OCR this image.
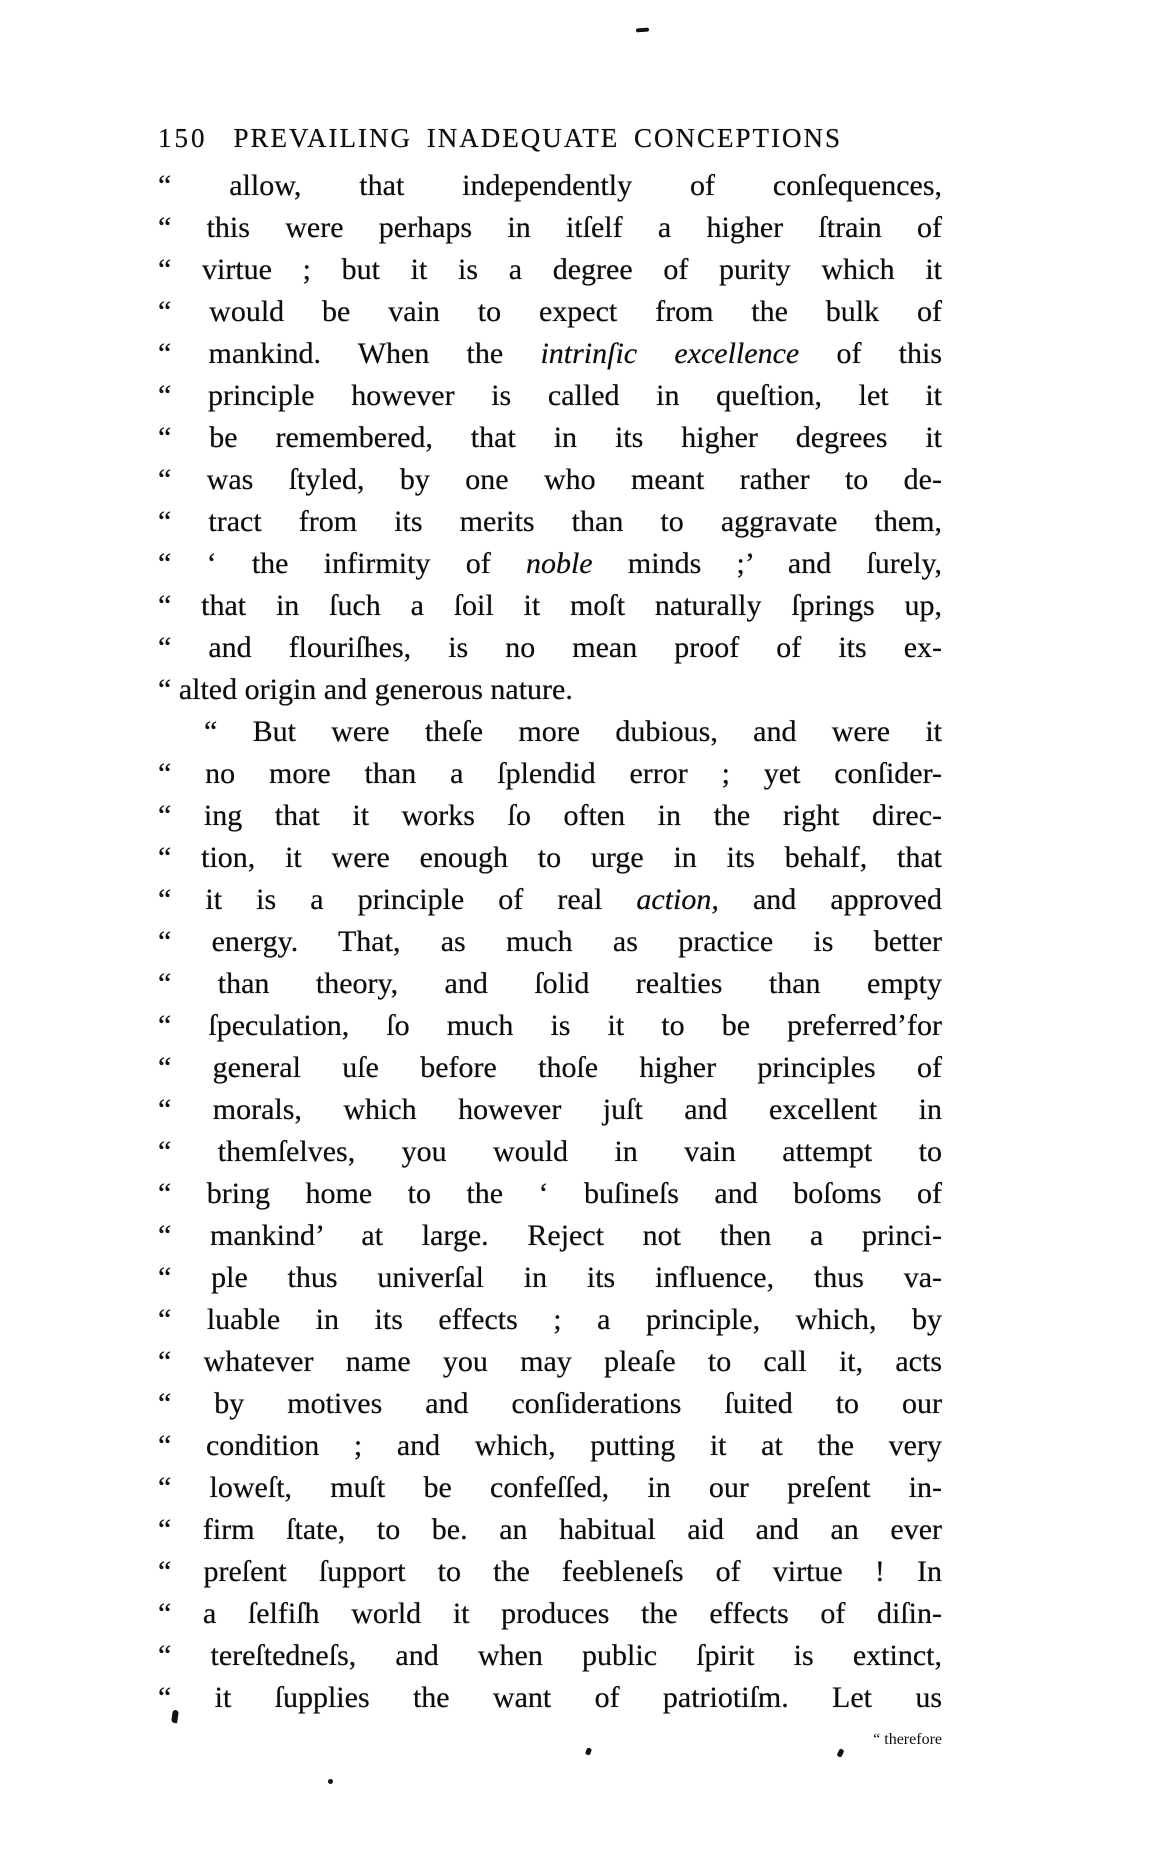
150 PREVAILING INADEQUATE CONCEPTIONS
“ allow, that independently of conſequences,
“ this were perhaps in itſelf a higher ſtrain of
“ virtue ; but it is a degree of purity which it
“ would be vain to expect from the bulk of
“ mankind. When the intrinſic excellence of this
“ principle however is called in queſtion, let it
“ be remembered, that in its higher degrees it
“ was ſtyled, by one who meant rather to de-
“ tract from its merits than to aggravate them,
“ ‘ the infirmity of noble minds ;’ and ſurely,
“ that in ſuch a ſoil it moſt naturally ſprings up,
“ and flouriſhes, is no mean proof of its ex-
“ alted origin and generous nature.
“ But were theſe more dubious, and were it
“ no more than a ſplendid error ; yet conſider-
“ ing that it works ſo often in the right direc-
“ tion, it were enough to urge in its behalf, that
“ it is a principle of real action, and approved
“ energy. That, as much as practice is better
“ than theory, and ſolid realties than empty
“ ſpeculation, ſo much is it to be preferredʼfor
“ general uſe before thoſe higher principles of
“ morals, which however juſt and excellent in
“ themſelves, you would in vain attempt to
“ bring home to the ‘ buſineſs and boſoms of
“ mankind’ at large. Reject not then a princi-
“ ple thus univerſal in its influence, thus va-
“ luable in its effects ; a principle, which, by
“ whatever name you may pleaſe to call it, acts
“ by motives and conſiderations ſuited to our
“ condition ; and which, putting it at the very
“ loweſt, muſt be confeſſed, in our preſent in-
“ firm ſtate, to be. an habitual aid and an ever
“ preſent ſupport to the feebleneſs of virtue ! In
“ a ſelfiſh world it produces the effects of diſin-
“ tereſtedneſs, and when public ſpirit is extinct,
“ it ſupplies the want of patriotiſm. Let us
“ therefore
